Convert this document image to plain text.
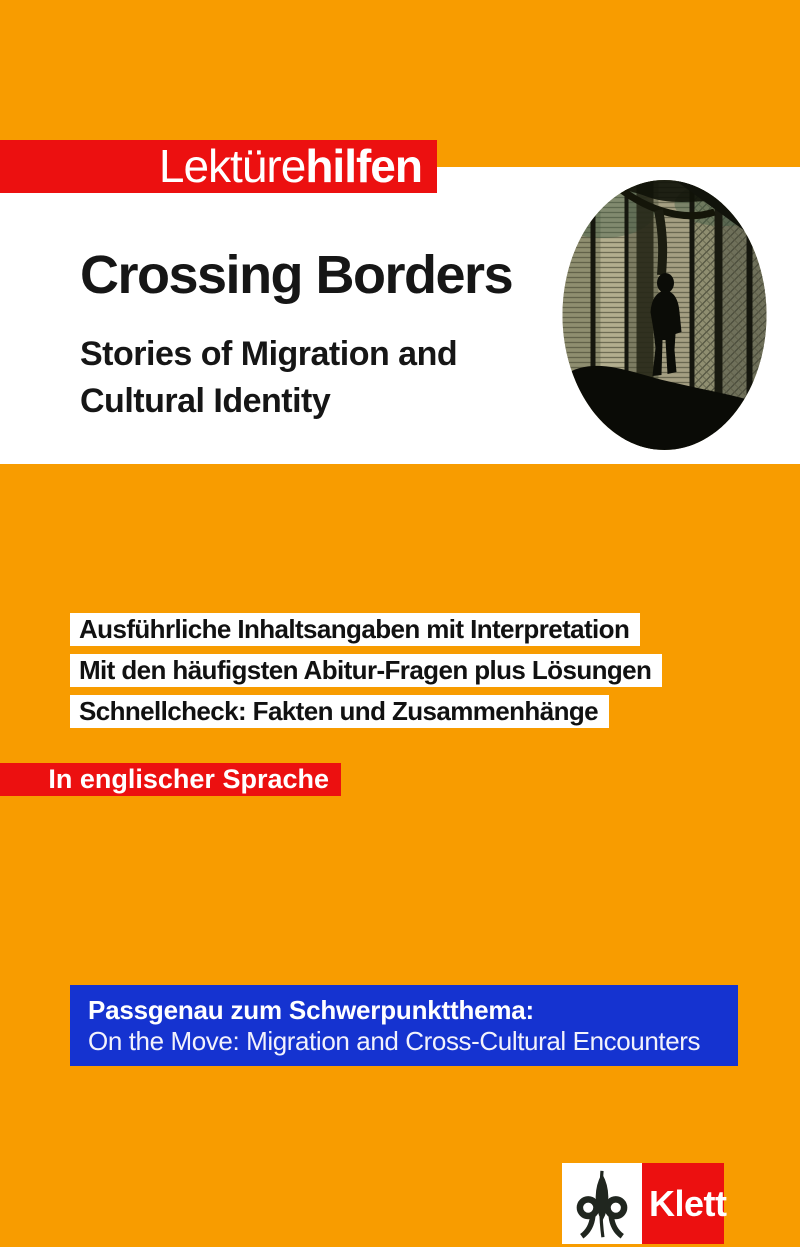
Lektürehilfen
Crossing Borders
Stories of Migration and
Cultural Identity
Ausführliche Inhaltsangaben mit Interpretation
Mit den häufigsten Abitur-Fragen plus Lösungen
Schnellcheck: Fakten und Zusammenhänge
In englischer Sprache
Passgenau zum Schwerpunktthema:
On the Move: Migration and Cross-Cultural Encounters
Klett
